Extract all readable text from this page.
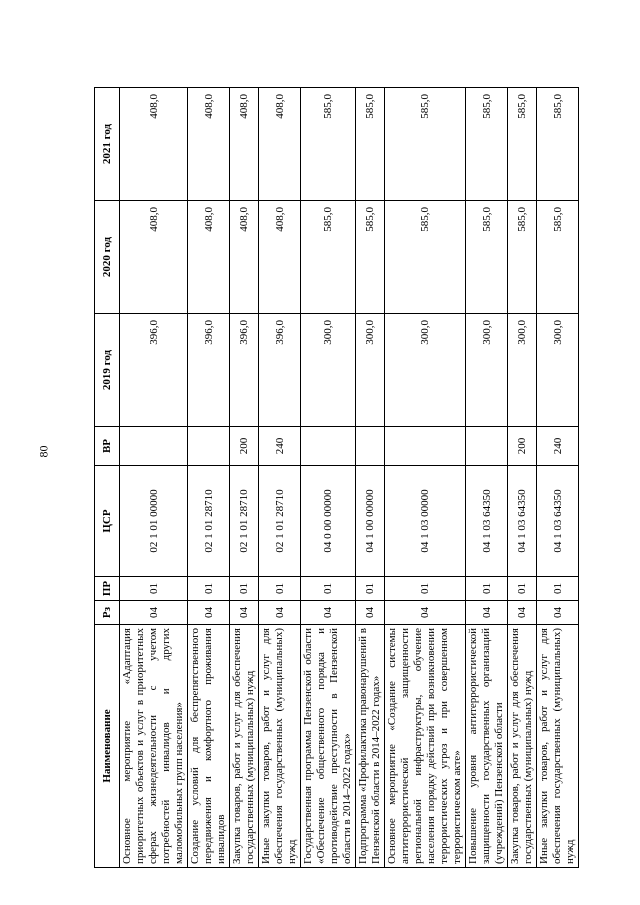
80
Наименование	Рз	ПР	ЦСР	ВР	2019 год	2020 год	2021 год
Основное мероприятие «Адаптация приоритетных объектов и услуг в приоритетных сферах жизнедеятельности с учетом потребностей инвалидов и других маломобильных групп населения»	04	01	02 1 01 00000		396,0	408,0	408,0
Создание условий для беспрепятственного передвижения и комфортного проживания инвалидов	04	01	02 1 01 28710		396,0	408,0	408,0
Закупка товаров, работ и услуг для обеспечения государственных (муниципальных) нужд	04	01	02 1 01 28710	200	396,0	408,0	408,0
Иные закупки товаров, работ и услуг для обеспечения государственных (муниципальных) нужд	04	01	02 1 01 28710	240	396,0	408,0	408,0
Государственная программа Пензенской области «Обеспечение общественного порядка и противодействие преступности в Пензенской области в 2014–2022 годах»	04	01	04 0 00 00000		300,0	585,0	585,0
Подпрограмма «Профилактика правонарушений в Пензенской области в 2014–2022 годах»	04	01	04 1 00 00000		300,0	585,0	585,0
Основное мероприятие «Создание системы антитеррористической защищенности региональной инфраструктуры, обучение населения порядку действий при возникновении террористических угроз и при совершенном террористическом акте»	04	01	04 1 03 00000		300,0	585,0	585,0
Повышение уровня антитеррористической защищенности государственных организаций (учреждений) Пензенской области	04	01	04 1 03 64350		300,0	585,0	585,0
Закупка товаров, работ и услуг для обеспечения государственных (муниципальных) нужд	04	01	04 1 03 64350	200	300,0	585,0	585,0
Иные закупки товаров, работ и услуг для обеспечения государственных (муниципальных) нужд	04	01	04 1 03 64350	240	300,0	585,0	585,0
